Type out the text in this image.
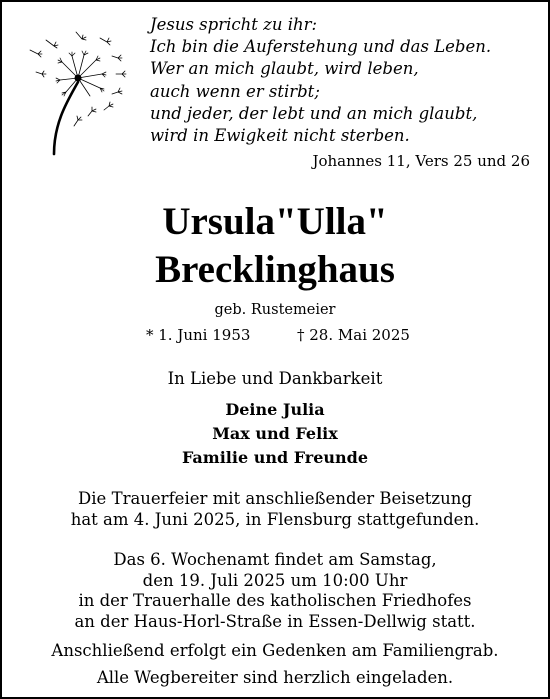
Jesus spricht zu ihr:
Ich bin die Auferstehung und das Leben.
Wer an mich glaubt, wird leben,
auch wenn er stirbt;
und jeder, der lebt und an mich glaubt,
wird in Ewigkeit nicht sterben.
Johannes 11, Vers 25 und 26
Ursula"Ulla"
Brecklinghaus
geb. Rustemeier
* 1. Juni 1953	† 28. Mai 2025
In Liebe und Dankbarkeit
Deine Julia
Max und Felix
Familie und Freunde
Die Trauerfeier mit anschließender Beisetzung
hat am 4. Juni 2025, in Flensburg stattgefunden.
Das 6. Wochenamt findet am Samstag,
den 19. Juli 2025 um 10:00 Uhr
in der Trauerhalle des katholischen Friedhofes
an der Haus-Horl-Straße in Essen-Dellwig statt.
Anschließend erfolgt ein Gedenken am Familiengrab.
Alle Wegbereiter sind herzlich eingeladen.
